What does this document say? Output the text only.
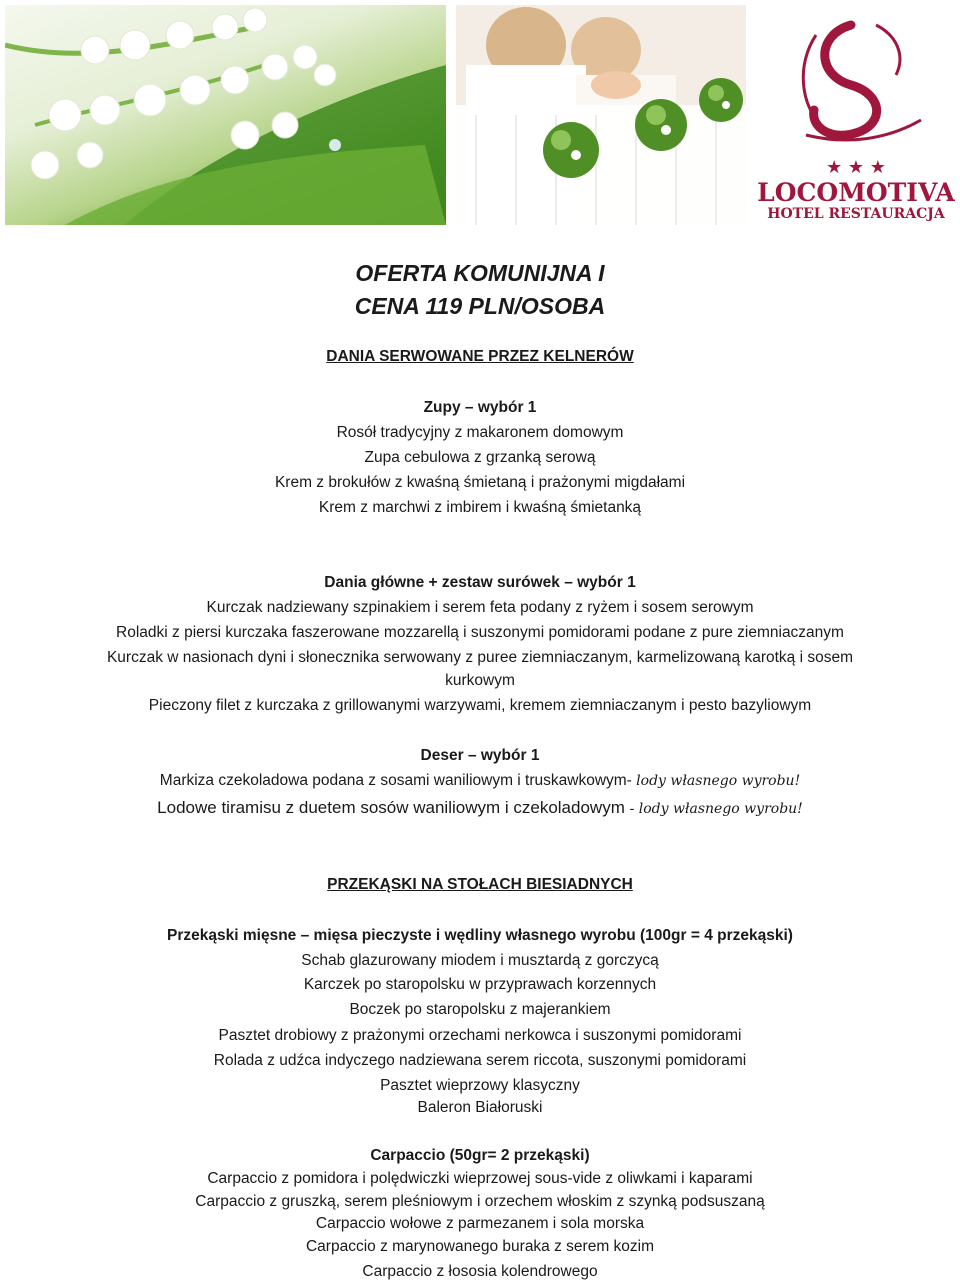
★ ★ ★
LOCOMOTIVA
HOTEL RESTAURACJA
OFERTA KOMUNIJNA I
CENA 119 PLN/OSOBA
DANIA SERWOWANE PRZEZ KELNERÓW
Zupy – wybór 1
Rosół tradycyjny z makaronem domowym
Zupa cebulowa z grzanką serową
Krem z brokułów z kwaśną śmietaną i prażonymi migdałami
Krem z marchwi z imbirem i kwaśną śmietanką
Dania główne + zestaw surówek – wybór 1
Kurczak nadziewany szpinakiem i serem feta podany z ryżem i sosem serowym
Roladki z piersi kurczaka faszerowane mozzarellą i suszonymi pomidorami podane z pure ziemniaczanym
Kurczak w nasionach dyni i słonecznika serwowany z puree ziemniaczanym, karmelizowaną karotką i sosem
kurkowym
Pieczony filet z kurczaka z grillowanymi warzywami, kremem ziemniaczanym i pesto bazyliowym
Deser – wybór 1
Markiza czekoladowa podana z sosami waniliowym i truskawkowym- lody własnego wyrobu!
Lodowe tiramisu z duetem sosów waniliowym i czekoladowym - lody własnego wyrobu!
PRZEKĄSKI NA STOŁACH BIESIADNYCH
Przekąski mięsne – mięsa pieczyste i wędliny własnego wyrobu (100gr = 4 przekąski)
Schab glazurowany miodem i musztardą z gorczycą
Karczek po staropolsku w przyprawach korzennych
Boczek po staropolsku z majerankiem
Pasztet drobiowy z prażonymi orzechami nerkowca i suszonymi pomidorami
Rolada z udźca indyczego nadziewana serem riccota, suszonymi pomidorami
Pasztet wieprzowy klasyczny
Baleron Białoruski
Carpaccio (50gr= 2 przekąski)
Carpaccio z pomidora i polędwiczki wieprzowej sous-vide z oliwkami i kaparami
Carpaccio z gruszką, serem pleśniowym i orzechem włoskim z szynką podsuszaną
Carpaccio wołowe z parmezanem i sola morska
Carpaccio z marynowanego buraka z serem kozim
Carpaccio z łososia kolendrowego
